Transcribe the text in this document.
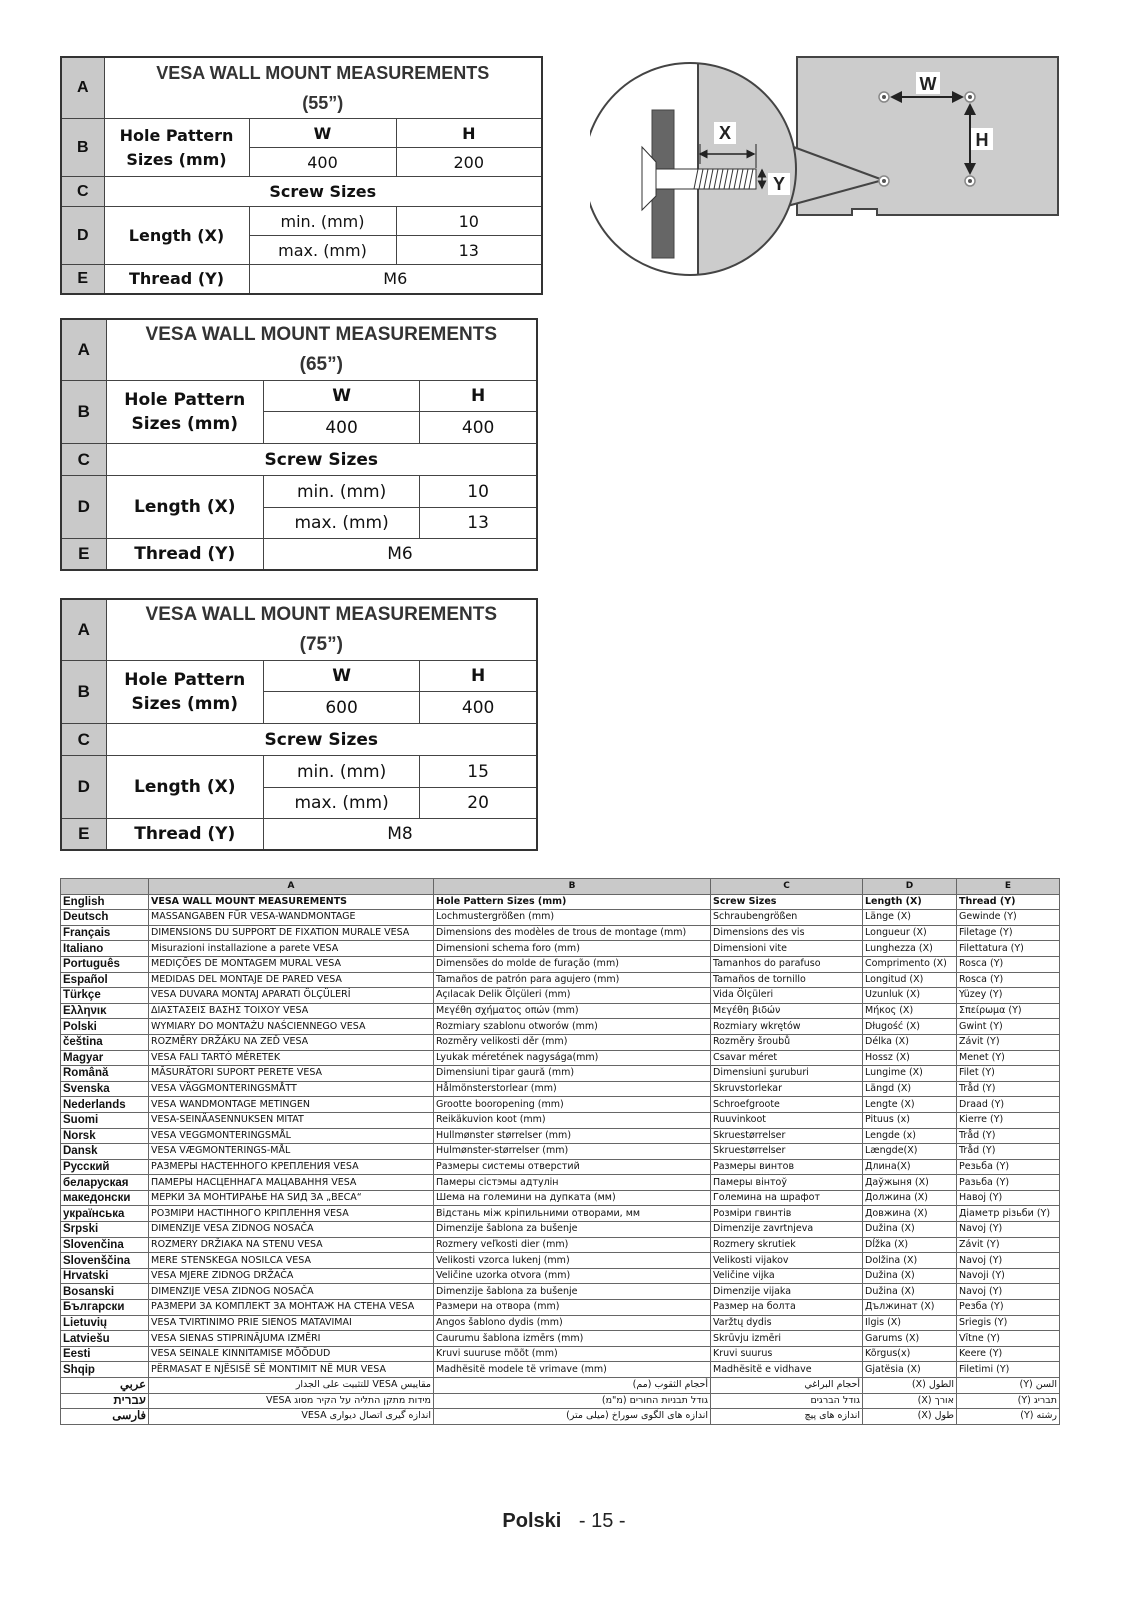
A	VESA WALL MOUNT MEASUREMENTS
(55”)		
B	Hole Pattern Sizes (mm)	W	H
		400	200
C	Screw Sizes		
D	Length (X)	min. (mm)	10
		max. (mm)	13
E	Thread (Y)	M6	
A	VESA WALL MOUNT MEASUREMENTS
(65”)		
B	Hole Pattern Sizes (mm)	W	H
		400	400
C	Screw Sizes		
D	Length (X)	min. (mm)	10
		max. (mm)	13
E	Thread (Y)	M6	
A	VESA WALL MOUNT MEASUREMENTS
(75”)		
B	Hole Pattern Sizes (mm)	W	H
		600	400
C	Screw Sizes		
D	Length (X)	min. (mm)	15
		max. (mm)	20
E	Thread (Y)	M8	
X
Y
W
H
	A	B	C	D	E
English	VESA WALL MOUNT MEASUREMENTS	Hole Pattern Sizes (mm)	Screw Sizes	Length (X)	Thread (Y)
Deutsch	MASSANGABEN FÜR VESA-WANDMONTAGE	Lochmustergrößen (mm)	Schraubengrößen	Länge (X)	Gewinde (Y)
Français	DIMENSIONS DU SUPPORT DE FIXATION MURALE VESA	Dimensions des modèles de trous de montage (mm)	Dimensions des vis	Longueur (X)	Filetage (Y)
Italiano	Misurazioni installazione a parete VESA	Dimensioni schema foro (mm)	Dimensioni vite	Lunghezza (X)	Filettatura (Y)
Português	MEDIÇÕES DE MONTAGEM MURAL VESA	Dimensões do molde de furação (mm)	Tamanhos do parafuso	Comprimento (X)	Rosca (Y)
Español	MEDIDAS DEL MONTAJE DE PARED VESA	Tamaños de patrón para agujero (mm)	Tamaños de tornillo	Longitud (X)	Rosca (Y)
Türkçe	VESA DUVARA MONTAJ APARATI ÖLÇÜLERİ	Açılacak Delik Ölçüleri (mm)	Vida Ölçüleri	Uzunluk (X)	Yüzey (Y)
Ελληνικ	ΔΙΑΣΤΑΣΕΙΣ ΒΑΣΗΣ ΤΟΙΧΟΥ VESA	Μεγέθη σχήματος οπών (mm)	Μεγέθη βιδών	Μήκος (X)	Σπείρωμα (Y)
Polski	WYMIARY DO MONTAŻU NAŚCIENNEGO VESA	Rozmiary szablonu otworów (mm)	Rozmiary wkrętów	Długość (X)	Gwint (Y)
čeština	ROZMĚRY DRŽÁKU NA ZEĎ VESA	Rozměry velikosti děr (mm)	Rozměry šroubů	Délka (X)	Závit (Y)
Magyar	VESA FALI TARTÓ MÉRETEK	Lyukak méretének nagysága(mm)	Csavar méret	Hossz (X)	Menet (Y)
Română	MĂSURĂTORI SUPORT PERETE VESA	Dimensiuni tipar gaură (mm)	Dimensiuni şuruburi	Lungime (X)	Filet (Y)
Svenska	VESA VÄGGMONTERINGSMÅTT	Hålmönsterstorlear (mm)	Skruvstorlekar	Längd (X)	Tråd (Y)
Nederlands	VESA WANDMONTAGE METINGEN	Grootte booropening (mm)	Schroefgroote	Lengte (X)	Draad (Y)
Suomi	VESA-SEINÄASENNUKSEN MITAT	Reikäkuvion koot (mm)	Ruuvinkoot	Pituus (x)	Kierre (Y)
Norsk	VESA VEGGMONTERINGSMÅL	Hullmønster størrelser (mm)	Skruestørrelser	Lengde (x)	Tråd (Y)
Dansk	VESA VÆGMONTERINGS-MÅL	Hulmønster-størrelser (mm)	Skruestørrelser	Længde(X)	Tråd (Y)
Русский	РАЗМЕРЫ НАСТЕННОГО КРЕПЛЕНИЯ VESA	Размеры системы отверстий	Размеры винтов	Длина(X)	Резьба (Y)
беларуская	ПАМЕРЫ НАСЦЕННАГА МАЦАВАННЯ VESA	Памеры сістэмы адтулін	Памеры вінтоў	Даўжыня (X)	Разьба (Y)
македонски	МЕРКИ ЗА МОНТИРАЊЕ НА ЅИД ЗА „ВЕСА“	Шема на големини на дупката (мм)	Големина на шрафот	Должина (X)	Навој (Y)
українська	РОЗМІРИ НАСТІННОГО КРІПЛЕННЯ VESA	Відстань між кріпильними отворами, мм	Розміри гвинтів	Довжина (X)	Діаметр різьби (Y)
Srpski	DIMENZIJE VESA ZIDNOG NOSAČA	Dimenzije šablona za bušenje	Dimenzije zavrtnjeva	Dužina (X)	Navoj (Y)
Slovenčina	ROZMERY DRŽIAKA NA STENU VESA	Rozmery veľkosti dier (mm)	Rozmery skrutiek	Dĺžka (X)	Závit (Y)
Slovenščina	MERE STENSKEGA NOSILCA VESA	Velikosti vzorca lukenj (mm)	Velikosti vijakov	Dolžina (X)	Navoj (Y)
Hrvatski	VESA MJERE ZIDNOG DRŽAČA	Veličine uzorka otvora (mm)	Veličine vijka	Dužina (X)	Navoji (Y)
Bosanski	DIMENZIJE VESA ZIDNOG NOSAČA	Dimenzije šablona za bušenje	Dimenzije vijaka	Dužina (X)	Navoj (Y)
Български	РАЗМЕРИ ЗА КОМПЛЕКТ ЗА МОНТАЖ НА СТЕНА VESA	Размери на отвора (mm)	Размер на болта	Дължинат (X)	Резба (Y)
Lietuvių	VESA TVIRTINIMO PRIE SIENOS MATAVIMAI	Angos šablono dydis (mm)	Varžtų dydis	Ilgis (X)	Sriegis (Y)
Latviešu	VESA SIENAS STIPRINĀJUMA IZMĒRI	Caurumu šablona izmērs (mm)	Skrūvju izmēri	Garums (X)	Vītne (Y)
Eesti	VESA SEINALE KINNITAMISE MÕÕDUD	Kruvi suuruse mõõt (mm)	Kruvi suurus	Kõrgus(x)	Keere (Y)
Shqip	PËRMASAT E NJËSISË SË MONTIMIT NË MUR VESA	Madhësitë modele të vrimave (mm)	Madhësitë e vidhave	Gjatësia (X)	Filetimi (Y)
عربي	مقاييس VESA للتثبيت على الجدار	أحجام الثقوب (مم)	أحجام البراغي	الطول (X)	السن (Y)
עברית	מידות מתקן התליה על הקיר מסוג VESA	גודל תבניות החורים (מ"מ)	גודל הברגים	אורך (X)	תבריג (Y)
فارسی	اندازه گیری اتصال دیواری VESA	اندازه های الگوی سوراخ (میلی متر)	اندازه های پیچ	طول (X)	رشته (Y)
Polski - 15 -
